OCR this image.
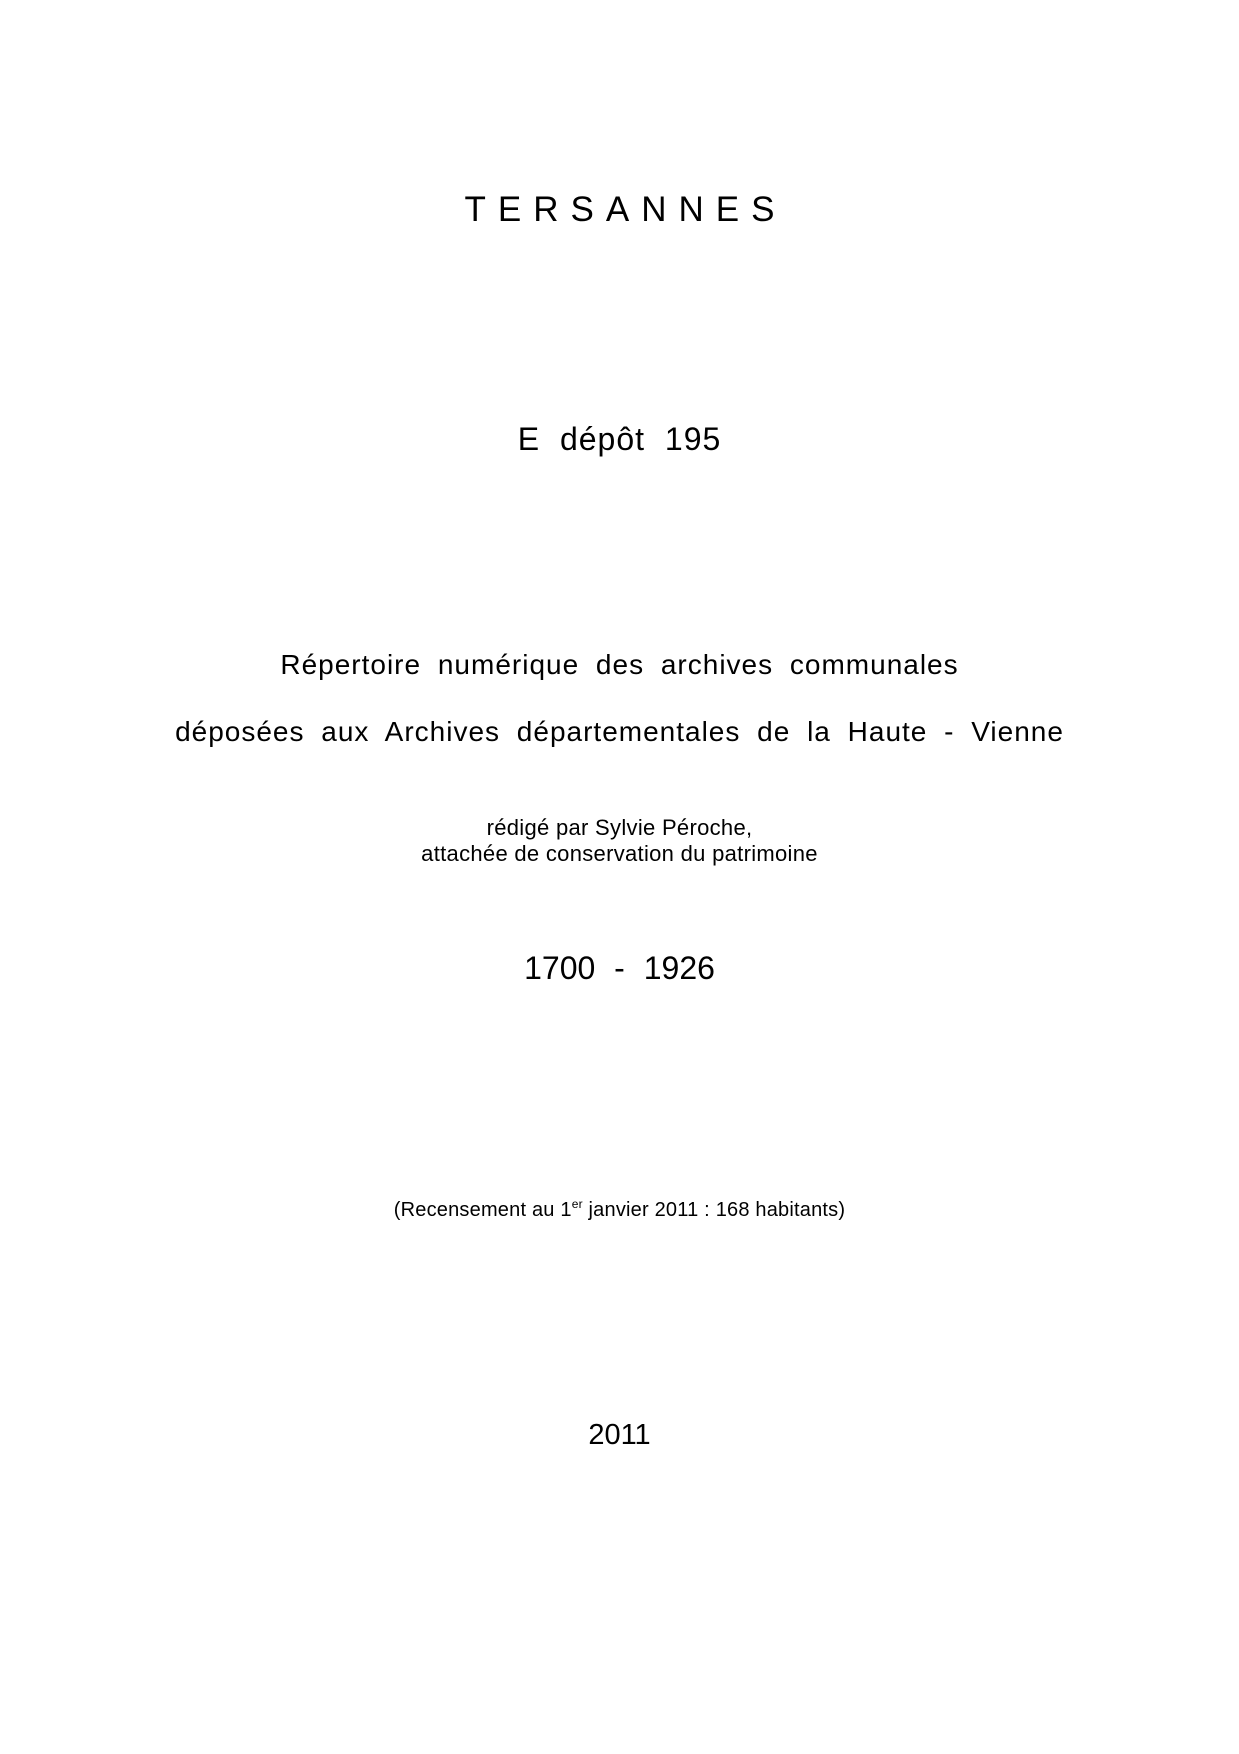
TERSANNES
E dépôt 195
Répertoire numérique des archives communales
déposées aux Archives départementales de la Haute - Vienne
rédigé par Sylvie Péroche,
attachée de conservation du patrimoine
1700 - 1926
(Recensement au 1er janvier 2011 : 168 habitants)
2011
